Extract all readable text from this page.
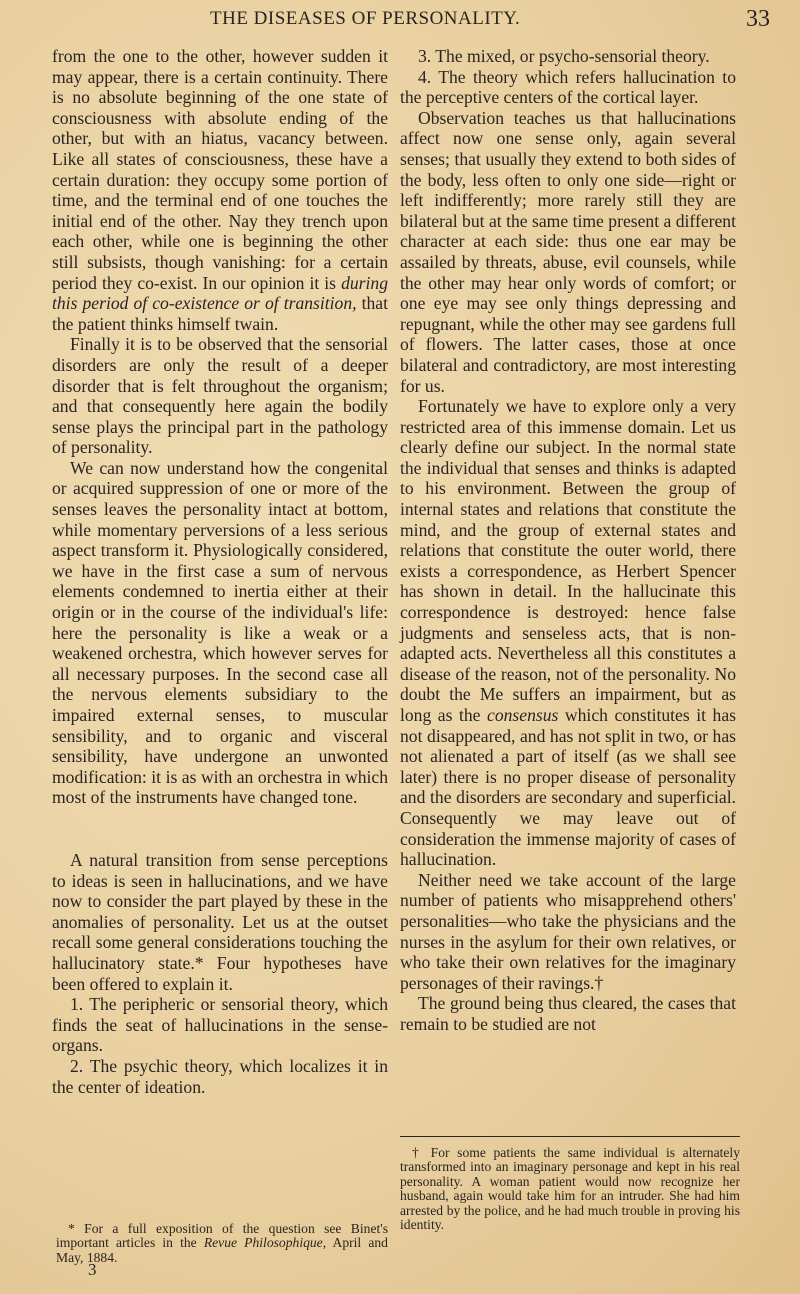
THE DISEASES OF PERSONALITY.	33

from the one to the other, however sudden it may appear, there is a certain continuity. There is no absolute beginning of the one state of consciousness with absolute ending of the other, but with an hiatus, vacancy between. Like all states of consciousness, these have a certain duration: they occupy some portion of time, and the terminal end of one touches the initial end of the other. Nay they trench upon each other, while one is beginning the other still subsists, though vanishing: for a certain period they co-exist. In our opinion it is during this period of co-existence or of transition, that the patient thinks himself twain.

Finally it is to be observed that the sensorial disorders are only the result of a deeper disorder that is felt throughout the organism; and that consequently here again the bodily sense plays the principal part in the pathology of personality.

We can now understand how the congenital or acquired suppression of one or more of the senses leaves the personality intact at bottom, while momentary perversions of a less serious aspect transform it. Physiologically considered, we have in the first case a sum of nervous elements condemned to inertia either at their origin or in the course of the individual's life: here the personality is like a weak or a weakened orchestra, which however serves for all necessary purposes. In the second case all the nervous elements subsidiary to the impaired external senses, to muscular sensibility, and to organic and visceral sensibility, have undergone an unwonted modification: it is as with an orchestra in which most of the instruments have changed tone.

A natural transition from sense perceptions to ideas is seen in hallucinations, and we have now to consider the part played by these in the anomalies of personality. Let us at the outset recall some general considerations touching the hallucinatory state.* Four hypotheses have been offered to explain it.

1. The peripheric or sensorial theory, which finds the seat of hallucinations in the sense-organs.

2. The psychic theory, which localizes it in the center of ideation.

* For a full exposition of the question see Binet's important articles in the Revue Philosophique, April and May, 1884.

3

3. The mixed, or psycho-sensorial theory.

4. The theory which refers hallucination to the perceptive centers of the cortical layer.

Observation teaches us that hallucinations affect now one sense only, again several senses; that usually they extend to both sides of the body, less often to only one side—right or left indifferently; more rarely still they are bilateral but at the same time present a different character at each side: thus one ear may be assailed by threats, abuse, evil counsels, while the other may hear only words of comfort; or one eye may see only things depressing and repugnant, while the other may see gardens full of flowers. The latter cases, those at once bilateral and contradictory, are most interesting for us.

Fortunately we have to explore only a very restricted area of this immense domain. Let us clearly define our subject. In the normal state the individual that senses and thinks is adapted to his environment. Between the group of internal states and relations that constitute the mind, and the group of external states and relations that constitute the outer world, there exists a correspondence, as Herbert Spencer has shown in detail. In the hallucinate this correspondence is destroyed: hence false judgments and senseless acts, that is non-adapted acts. Nevertheless all this constitutes a disease of the reason, not of the personality. No doubt the Me suffers an impairment, but as long as the consensus which constitutes it has not disappeared, and has not split in two, or has not alienated a part of itself (as we shall see later) there is no proper disease of personality and the disorders are secondary and superficial. Consequently we may leave out of consideration the immense majority of cases of hallucination.

Neither need we take account of the large number of patients who misapprehend others' personalities—who take the physicians and the nurses in the asylum for their own relatives, or who take their own relatives for the imaginary personages of their ravings.†

The ground being thus cleared, the cases that remain to be studied are not

† For some patients the same individual is alternately transformed into an imaginary personage and kept in his real personality. A woman patient would now recognize her husband, again would take him for an intruder. She had him arrested by the police, and he had much trouble in proving his identity.
